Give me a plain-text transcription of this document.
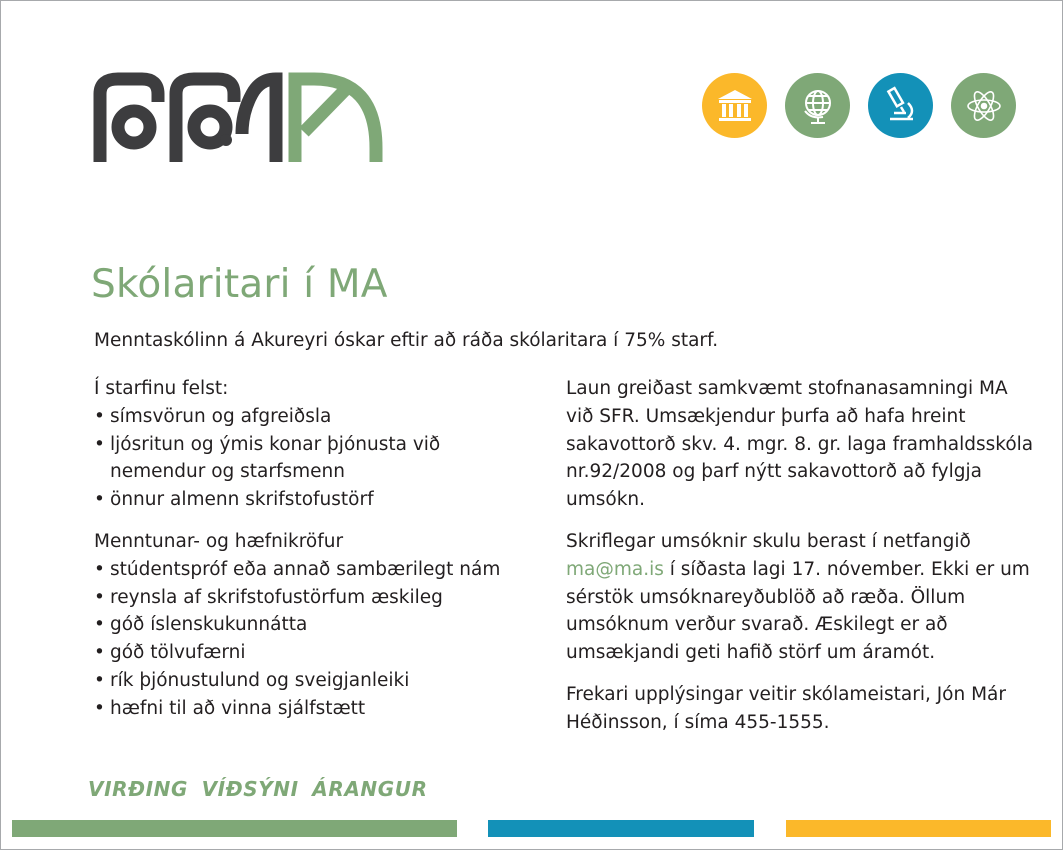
Skólaritari í MA
Menntaskólinn á Akureyri óskar eftir að ráða skólaritara í 75% starf.
Í starfinu felst:
• símsvörun og afgreiðsla
• ljósritun og ýmis konar þjónusta við nemendur og starfsmenn
• önnur almenn skrifstofustörf
Menntunar- og hæfnikröfur
• stúdentspróf eða annað sambærilegt nám
• reynsla af skrifstofustörfum æskileg
• góð íslenskukunnátta
• góð tölvufærni
• rík þjónustulund og sveigjanleiki
• hæfni til að vinna sjálfstætt

Laun greiðast samkvæmt stofnanasamningi MA við SFR. Umsækjendur þurfa að hafa hreint sakavottorð skv. 4. mgr. 8. gr. laga framhaldsskóla nr.92/2008 og þarf nýtt sakavottorð að fylgja umsókn.

Skriflegar umsóknir skulu berast í netfangið ma@ma.is í síðasta lagi 17. nóvember. Ekki er um sérstök umsóknareyðublöð að ræða. Öllum umsóknum verður svarað. Æskilegt er að umsækjandi geti hafið störf um áramót.

Frekari upplýsingar veitir skólameistari, Jón Már Héðinsson, í síma 455-1555.

VIRÐING VÍÐSÝNI ÁRANGUR
